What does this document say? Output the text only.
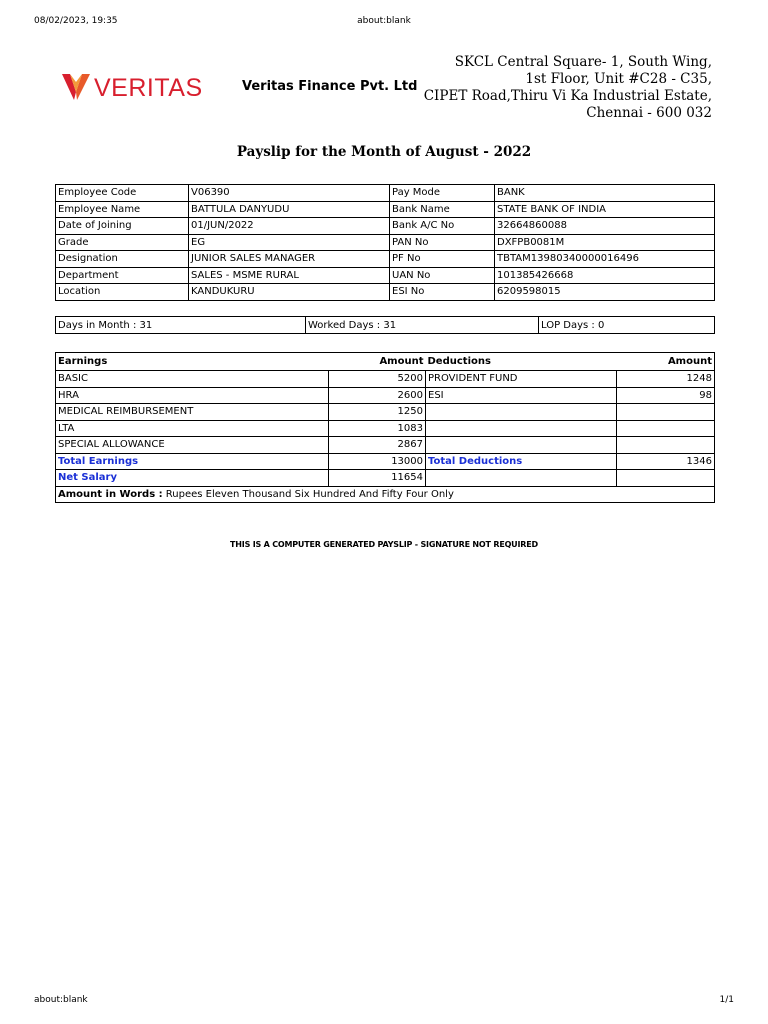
08/02/2023, 19:35	about:blank
VERITAS	Veritas Finance Pvt. Ltd
SKCL Central Square- 1, South Wing,
1st Floor, Unit #C28 - C35,
CIPET Road,Thiru Vi Ka Industrial Estate,
Chennai - 600 032
Payslip for the Month of August - 2022
Employee Code	V06390	Pay Mode	BANK
Employee Name	BATTULA DANYUDU	Bank Name	STATE BANK OF INDIA
Date of Joining	01/JUN/2022	Bank A/C No	32664860088
Grade	EG	PAN No	DXFPB0081M
Designation	JUNIOR SALES MANAGER	PF No	TBTAM13980340000016496
Department	SALES - MSME RURAL	UAN No	101385426668
Location	KANDUKURU	ESI No	6209598015
Days in Month : 31	Worked Days : 31	LOP Days : 0
Earnings	Amount	Deductions	Amount
BASIC	5200	PROVIDENT FUND	1248
HRA	2600	ESI	98
MEDICAL REIMBURSEMENT	1250		
LTA	1083		
SPECIAL ALLOWANCE	2867		
Total Earnings	13000	Total Deductions	1346
Net Salary	11654		
Amount in Words : Rupees Eleven Thousand Six Hundred And Fifty Four Only			
THIS IS A COMPUTER GENERATED PAYSLIP - SIGNATURE NOT REQUIRED
about:blank	1/1
